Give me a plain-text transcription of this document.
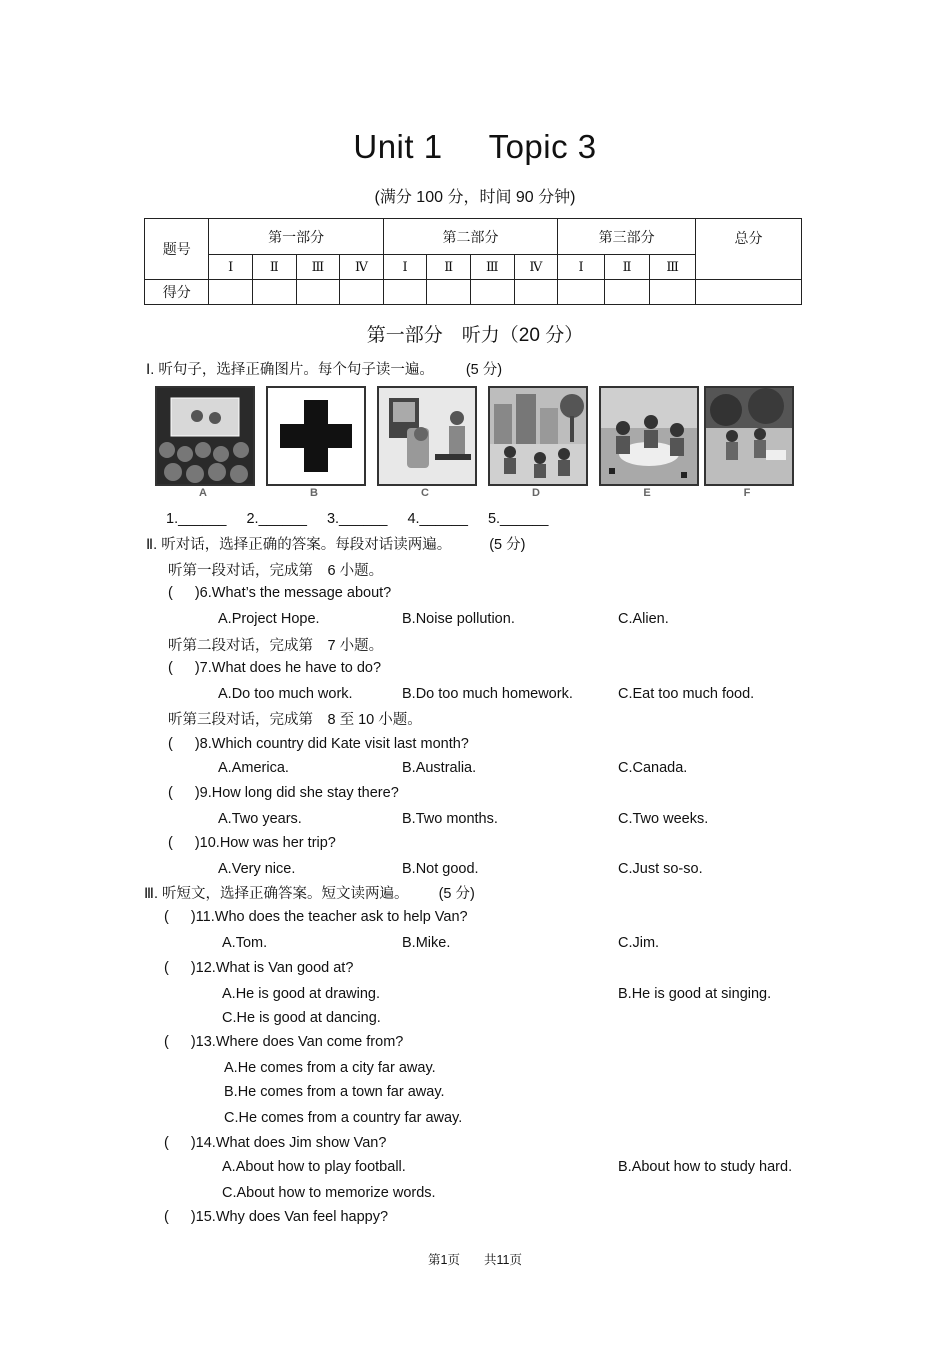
Unit 1 Topic 3
(满分 100 分，时间 90 分钟)
题号	第一部分				第二部分				第三部分			总分
	Ⅰ	Ⅱ	Ⅲ	Ⅳ	Ⅰ	Ⅱ	Ⅲ	Ⅳ	Ⅰ	Ⅱ	Ⅲ	
得分												
第一部分　听力（20 分）
Ⅰ. 听句子，选择正确图片。每个句子读一遍。 (5 分)
A	B	C	D	E	F
1.______ 2.______ 3.______ 4.______ 5.______
Ⅱ. 听对话，选择正确的答案。每段对话读两遍。	(5 分)
听第一段对话，完成第　6 小题。
( )6.What’s the message about?
A.Project Hope.	B.Noise pollution.	C.Alien.
听第二段对话，完成第　7 小题。
( )7.What does he have to do?
A.Do too much work.	B.Do too much homework.	C.Eat too much food.
听第三段对话，完成第　8 至 10 小题。
( )8.Which country did Kate visit last month?
A.America.	B.Australia.	C.Canada.
( )9.How long did she stay there?
A.Two years.	B.Two months.	C.Two weeks.
( )10.How was her trip?
A.Very nice.	B.Not good.	C.Just so-so.
Ⅲ. 听短文，选择正确答案。短文读两遍。 (5 分)
( )11.Who does the teacher ask to help Van?
A.Tom.	B.Mike.	C.Jim.
( )12.What is Van good at?
A.He is good at drawing.	B.He is good at singing.
C.He is good at dancing.
( )13.Where does Van come from?
A.He comes from a city far away.
B.He comes from a town far away.
C.He comes from a country far away.
( )14.What does Jim show Van?
A.About how to play football.	B.About how to study hard.
C.About how to memorize words.
( )15.Why does Van feel happy?
第1页 共11页
